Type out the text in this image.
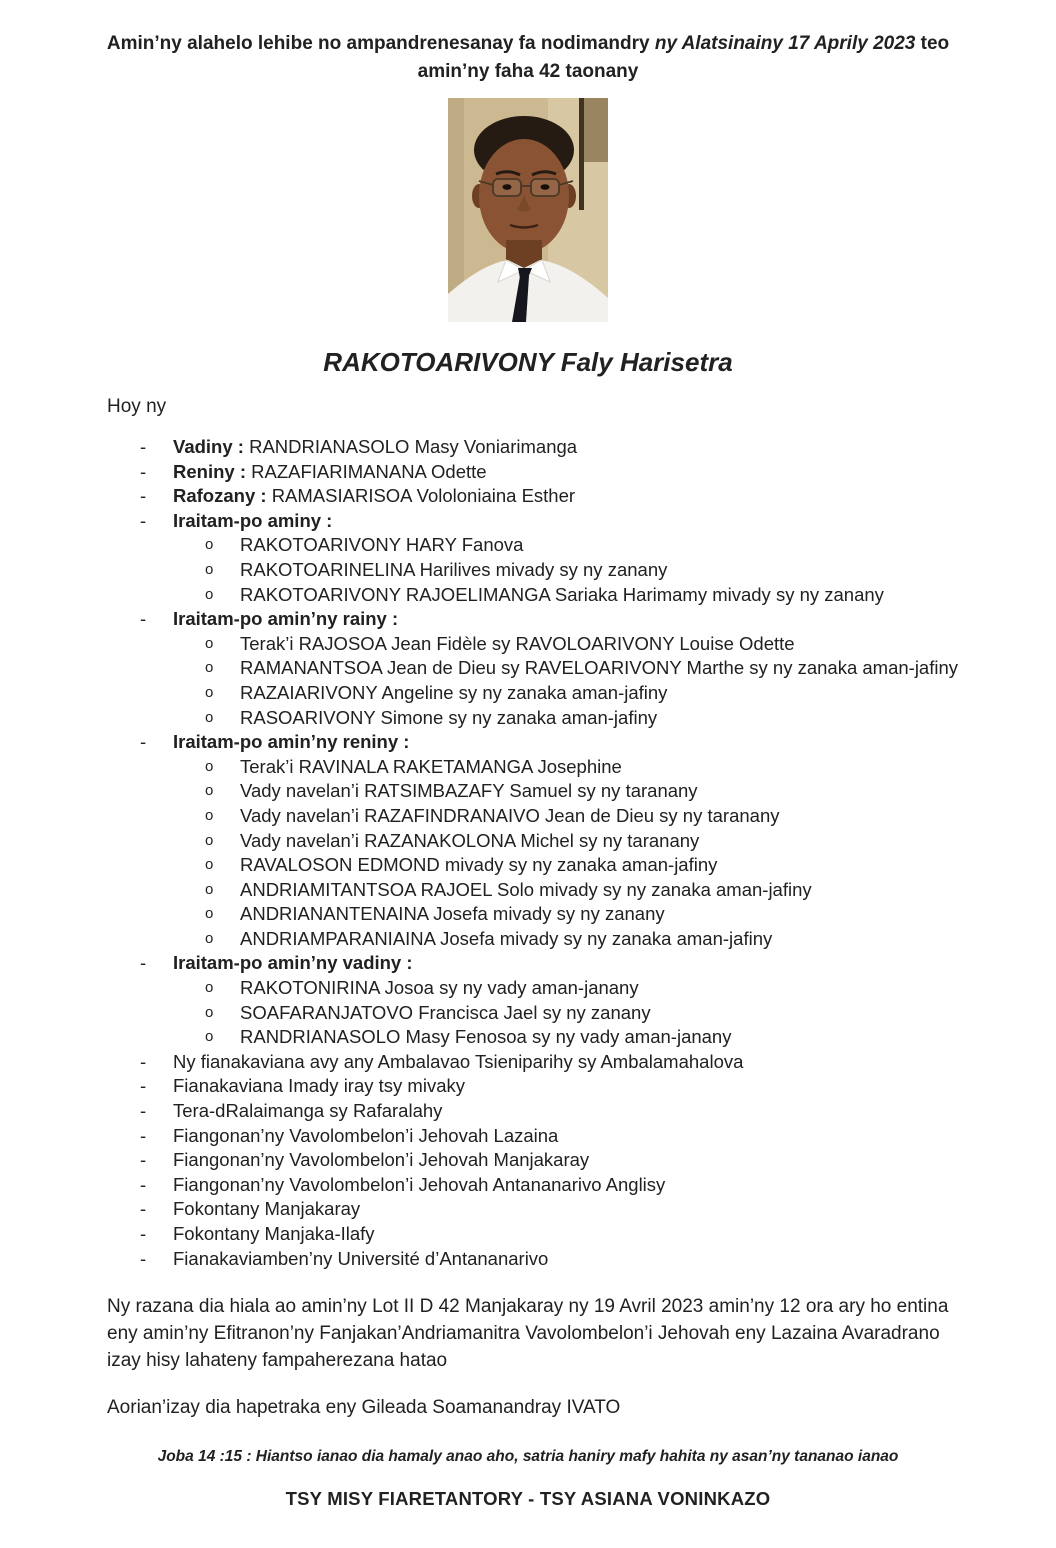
Amin’ny alahelo lehibe no ampandrenesanay fa nodimandry ny Alatsinainy 17 Aprily 2023 teo
amin’ny faha 42 taonany
RAKOTOARIVONY Faly Harisetra
Hoy ny
- Vadiny : RANDRIANASOLO Masy Voniarimanga
- Reniny : RAZAFIARIMANANA Odette
- Rafozany : RAMASIARISOA Vololoniaina Esther
- Iraitam-po aminy :
o RAKOTOARIVONY HARY Fanova
o RAKOTOARINELINA Harilives mivady sy ny zanany
o RAKOTOARIVONY RAJOELIMANGA Sariaka Harimamy mivady sy ny zanany
- Iraitam-po amin’ny rainy :
o Terak’i RAJOSOA Jean Fidèle sy RAVOLOARIVONY Louise Odette
o RAMANANTSOA Jean de Dieu sy RAVELOARIVONY Marthe sy ny zanaka aman-jafiny
o RAZAIARIVONY Angeline sy ny zanaka aman-jafiny
o RASOARIVONY Simone sy ny zanaka aman-jafiny
- Iraitam-po amin’ny reniny :
o Terak’i RAVINALA RAKETAMANGA Josephine
o Vady navelan’i RATSIMBAZAFY Samuel sy ny taranany
o Vady navelan’i RAZAFINDRANAIVO Jean de Dieu sy ny taranany
o Vady navelan’i RAZANAKOLONA Michel sy ny taranany
o RAVALOSON EDMOND mivady sy ny zanaka aman-jafiny
o ANDRIAMITANTSOA RAJOEL Solo mivady sy ny zanaka aman-jafiny
o ANDRIANANTENAINA Josefa mivady sy ny zanany
o ANDRIAMPARANIAINA Josefa mivady sy ny zanaka aman-jafiny
- Iraitam-po amin’ny vadiny :
o RAKOTONIRINA Josoa sy ny vady aman-janany
o SOAFARANJATOVO Francisca Jael sy ny zanany
o RANDRIANASOLO Masy Fenosoa sy ny vady aman-janany
- Ny fianakaviana avy any Ambalavao Tsieniparihy sy Ambalamahalova
- Fianakaviana Imady iray tsy mivaky
- Tera-dRalaimanga sy Rafaralahy
- Fiangonan’ny Vavolombelon’i Jehovah Lazaina
- Fiangonan’ny Vavolombelon’i Jehovah Manjakaray
- Fiangonan’ny Vavolombelon’i Jehovah Antananarivo Anglisy
- Fokontany Manjakaray
- Fokontany Manjaka-Ilafy
- Fianakaviamben’ny Université d’Antananarivo
Ny razana dia hiala ao amin’ny Lot II D 42 Manjakaray ny 19 Avril 2023 amin’ny 12 ora ary ho entina eny amin’ny Efitranon’ny Fanjakan’Andriamanitra Vavolombelon’i Jehovah eny Lazaina Avaradrano izay hisy lahateny fampaherezana hatao
Aorian’izay dia hapetraka eny Gileada Soamanandray IVATO
Joba 14 :15 : Hiantso ianao dia hamaly anao aho, satria haniry mafy hahita ny asan’ny tananao ianao
TSY MISY FIARETANTORY - TSY ASIANA VONINKAZO
